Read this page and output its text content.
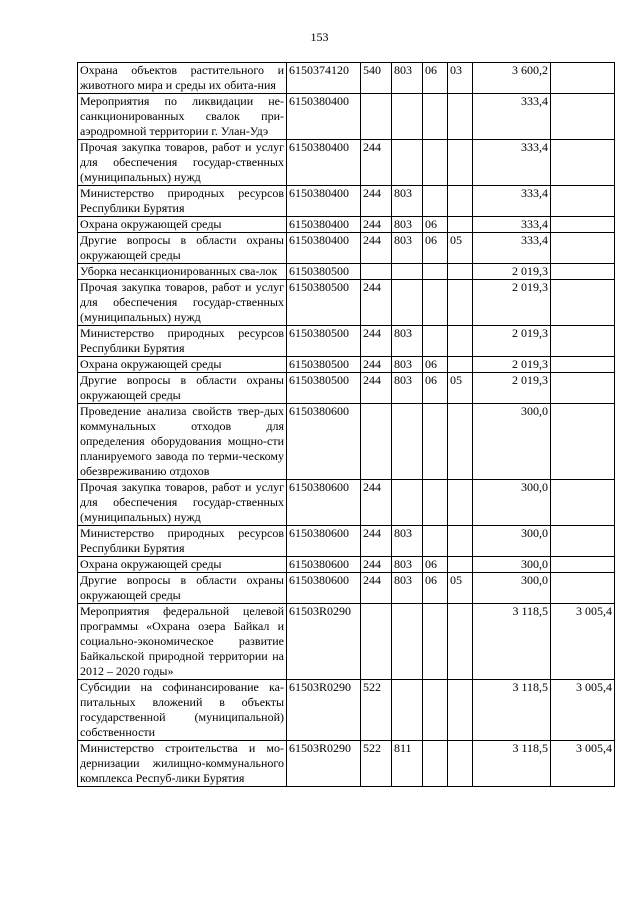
153
Охрана объектов растительного и животного мира и среды их обита-ния	6150374120	540	803	06	03	3 600,2	
Мероприятия по ликвидации не-санкционированных свалок при-аэродромной территории г. Улан-Удэ	6150380400					333,4	
Прочая закупка товаров, работ и услуг для обеспечения государ-ственных (муниципальных) нужд	6150380400	244				333,4	
Министерство природных ресурсов Республики Бурятия	6150380400	244	803			333,4	
Охрана окружающей среды	6150380400	244	803	06		333,4	
Другие вопросы в области охраны окружающей среды	6150380400	244	803	06	05	333,4	
Уборка несанкционированных сва-лок	6150380500					2 019,3	
Прочая закупка товаров, работ и услуг для обеспечения государ-ственных (муниципальных) нужд	6150380500	244				2 019,3	
Министерство природных ресурсов Республики Бурятия	6150380500	244	803			2 019,3	
Охрана окружающей среды	6150380500	244	803	06		2 019,3	
Другие вопросы в области охраны окружающей среды	6150380500	244	803	06	05	2 019,3	
Проведение анализа свойств твер-дых коммунальных отходов для определения оборудования мощно-сти планируемого завода по терми-ческому обезвреживанию отдохов	6150380600					300,0	
Прочая закупка товаров, работ и услуг для обеспечения государ-ственных (муниципальных) нужд	6150380600	244				300,0	
Министерство природных ресурсов Республики Бурятия	6150380600	244	803			300,0	
Охрана окружающей среды	6150380600	244	803	06		300,0	
Другие вопросы в области охраны окружающей среды	6150380600	244	803	06	05	300,0	
Мероприятия федеральной целевой программы «Охрана озера Байкал и социально-экономическое развитие Байкальской природной территории на 2012 – 2020 годы»	61503R0290					3 118,5	3 005,4
Субсидии на софинансирование ка-питальных вложений в объекты государственной (муниципальной) собственности	61503R0290	522				3 118,5	3 005,4
Министерство строительства и мо-дернизации жилищно-коммунального комплекса Респуб-лики Бурятия	61503R0290	522	811			3 118,5	3 005,4
